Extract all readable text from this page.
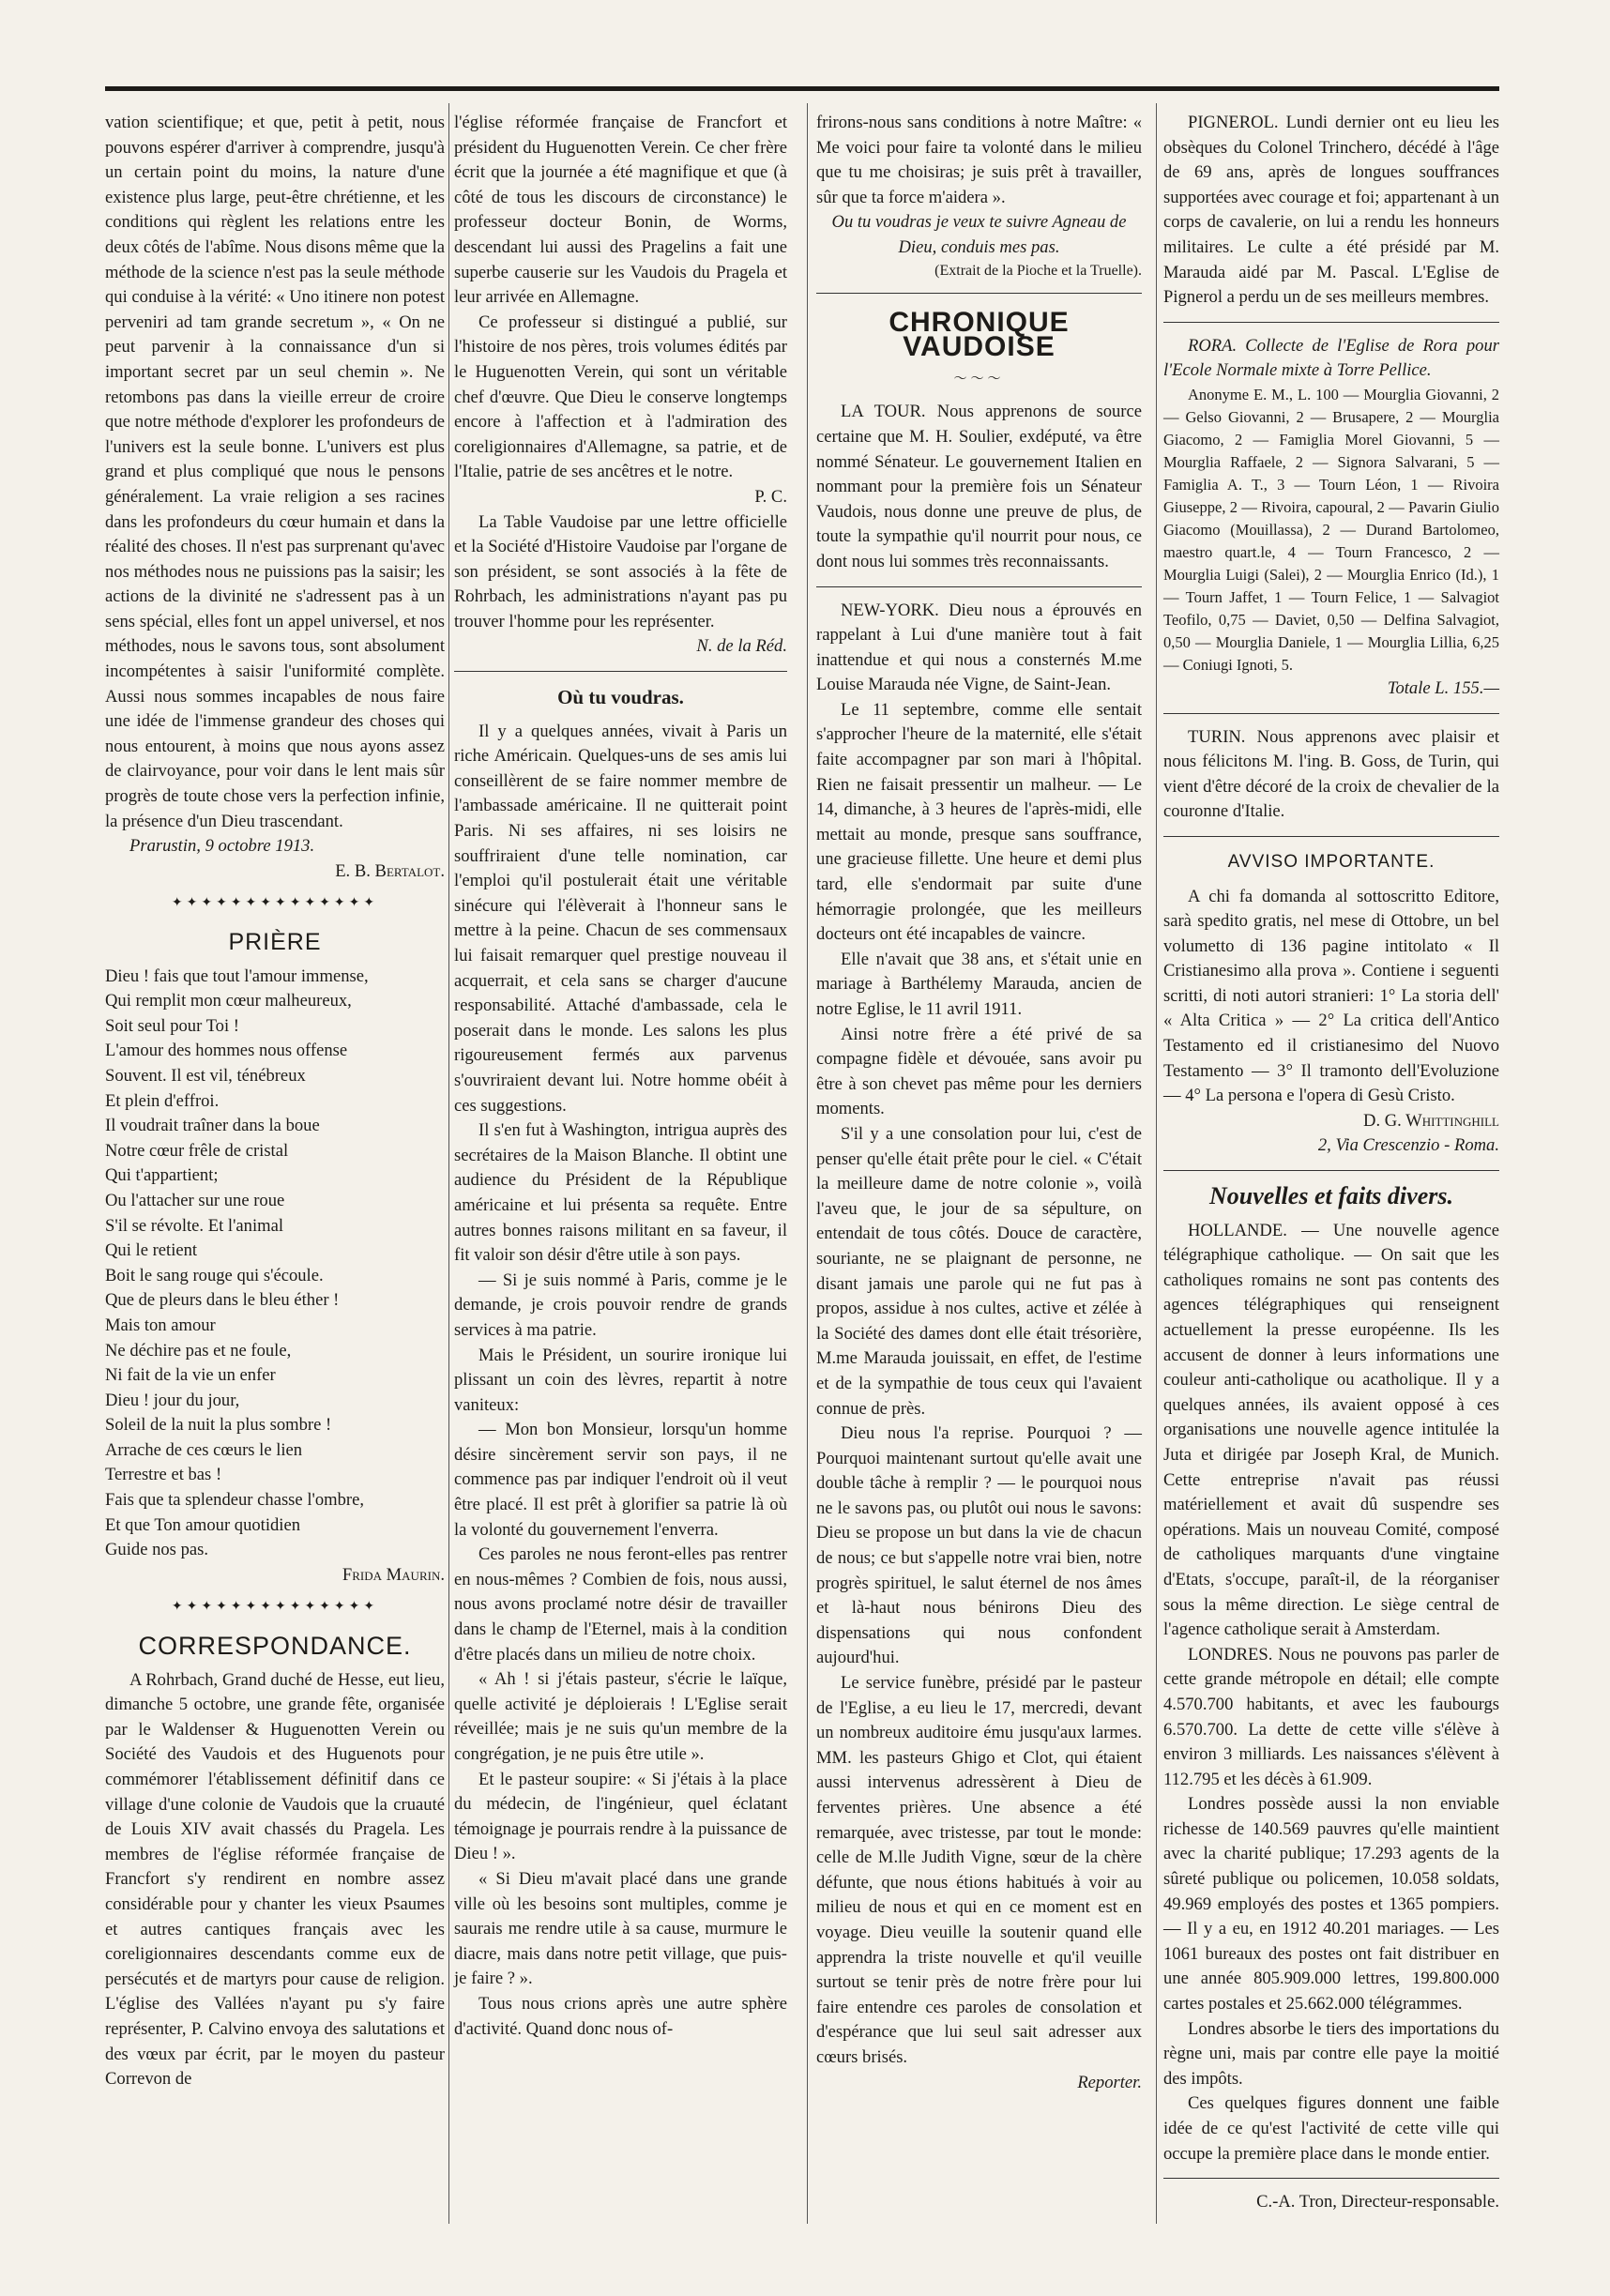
vation scientifique; et que, petit à petit, nous pouvons espérer d'arriver à comprendre, jusqu'à un certain point du moins, la nature d'une existence plus large, peut-être chrétienne, et les conditions qui règlent les relations entre les deux côtés de l'abîme. Nous disons même que la méthode de la science n'est pas la seule méthode qui conduise à la vérité: « Uno itinere non potest perveniri ad tam grande secretum », « On ne peut parvenir à la connaissance d'un si important secret par un seul chemin ». Ne retombons pas dans la vieille erreur de croire que notre méthode d'explorer les profondeurs de l'univers est la seule bonne. L'univers est plus grand et plus compliqué que nous le pensons généralement. La vraie religion a ses racines dans les profondeurs du cœur humain et dans la réalité des choses. Il n'est pas surprenant qu'avec nos méthodes nous ne puissions pas la saisir; les actions de la divinité ne s'adressent pas à un sens spécial, elles font un appel universel, et nos méthodes, nous le savons tous, sont absolument incompétentes à saisir l'uniformité complète. Aussi nous sommes incapables de nous faire une idée de l'immense grandeur des choses qui nous entourent, à moins que nous ayons assez de clairvoyance, pour voir dans le lent mais sûr progrès de toute chose vers la perfection infinie, la présence d'un Dieu trascendant.

Prarustin, 9 octobre 1913.

E. B. Bertalot.

✦✦✦✦✦✦✦✦✦✦✦✦✦✦
PRIÈRE

Dieu ! fais que tout l'amour immense,

Qui remplit mon cœur malheureux,

Soit seul pour Toi !

L'amour des hommes nous offense

Souvent. Il est vil, ténébreux

Et plein d'effroi.

Il voudrait traîner dans la boue

Notre cœur frêle de cristal

Qui t'appartient;

Ou l'attacher sur une roue

S'il se révolte. Et l'animal

Qui le retient

Boit le sang rouge qui s'écoule.

Que de pleurs dans le bleu éther !

Mais ton amour

Ne déchire pas et ne foule,

Ni fait de la vie un enfer

Dieu ! jour du jour,

Soleil de la nuit la plus sombre !

Arrache de ces cœurs le lien

Terrestre et bas !

Fais que ta splendeur chasse l'ombre,

Et que Ton amour quotidien

Guide nos pas.

Frida Maurin.

✦✦✦✦✦✦✦✦✦✦✦✦✦✦
CORRESPONDANCE.

A Rohrbach, Grand duché de Hesse, eut lieu, dimanche 5 octobre, une grande fête, organisée par le Waldenser & Huguenotten Verein ou Société des Vaudois et des Huguenots pour commémorer l'établissement définitif dans ce village d'une colonie de Vaudois que la cruauté de Louis XIV avait chassés du Pragela. Les membres de l'église réformée française de Francfort s'y rendirent en nombre assez considérable pour y chanter les vieux Psaumes et autres cantiques français avec les coreligionnaires descendants comme eux de persécutés et de martyrs pour cause de religion. L'église des Vallées n'ayant pu s'y faire représenter, P. Calvino envoya des salutations et des vœux par écrit, par le moyen du pasteur Correvon de

l'église réformée française de Francfort et président du Huguenotten Verein. Ce cher frère écrit que la journée a été magnifique et que (à côté de tous les discours de circonstance) le professeur docteur Bonin, de Worms, descendant lui aussi des Pragelins a fait une superbe causerie sur les Vaudois du Pragela et leur arrivée en Allemagne.

Ce professeur si distingué a publié, sur l'histoire de nos pères, trois volumes édités par le Huguenotten Verein, qui sont un véritable chef d'œuvre. Que Dieu le conserve longtemps encore à l'affection et à l'admiration des coreligionnaires d'Allemagne, sa patrie, et de l'Italie, patrie de ses ancêtres et le notre.

P. C.

La Table Vaudoise par une lettre officielle et la Société d'Histoire Vaudoise par l'organe de son président, se sont associés à la fête de Rohrbach, les administrations n'ayant pas pu trouver l'homme pour les représenter.

N. de la Réd.

Où tu voudras.

Il y a quelques années, vivait à Paris un riche Américain. Quelques-uns de ses amis lui conseillèrent de se faire nommer membre de l'ambassade américaine. Il ne quitterait point Paris. Ni ses affaires, ni ses loisirs ne souffriraient d'une telle nomination, car l'emploi qu'il postulerait était une véritable sinécure qui l'élèverait à l'honneur sans le mettre à la peine. Chacun de ses commensaux lui faisait remarquer quel prestige nouveau il acquerrait, et cela sans se charger d'aucune responsabilité. Attaché d'ambassade, cela le poserait dans le monde. Les salons les plus rigoureusement fermés aux parvenus s'ouvriraient devant lui. Notre homme obéit à ces suggestions.

Il s'en fut à Washington, intrigua auprès des secrétaires de la Maison Blanche. Il obtint une audience du Président de la République américaine et lui présenta sa requête. Entre autres bonnes raisons militant en sa faveur, il fit valoir son désir d'être utile à son pays.

— Si je suis nommé à Paris, comme je le demande, je crois pouvoir rendre de grands services à ma patrie.

Mais le Président, un sourire ironique lui plissant un coin des lèvres, repartit à notre vaniteux:

— Mon bon Monsieur, lorsqu'un homme désire sincèrement servir son pays, il ne commence pas par indiquer l'endroit où il veut être placé. Il est prêt à glorifier sa patrie là où la volonté du gouvernement l'enverra.

Ces paroles ne nous feront-elles pas rentrer en nous-mêmes ? Combien de fois, nous aussi, nous avons proclamé notre désir de travailler dans le champ de l'Eternel, mais à la condition d'être placés dans un milieu de notre choix.

« Ah ! si j'étais pasteur, s'écrie le laïque, quelle activité je déploierais ! L'Eglise serait réveillée; mais je ne suis qu'un membre de la congrégation, je ne puis être utile ».

Et le pasteur soupire: « Si j'étais à la place du médecin, de l'ingénieur, quel éclatant témoignage je pourrais rendre à la puissance de Dieu ! ».

« Si Dieu m'avait placé dans une grande ville où les besoins sont multiples, comme je saurais me rendre utile à sa cause, murmure le diacre, mais dans notre petit village, que puis-je faire ? ».

Tous nous crions après une autre sphère d'activité. Quand donc nous of-

frirons-nous sans conditions à notre Maître: « Me voici pour faire ta volonté dans le milieu que tu me choisiras; je suis prêt à travailler, sûr que ta force m'aidera ».

Ou tu voudras je veux te suivre Agneau de Dieu, conduis mes pas.

(Extrait de la Pioche et la Truelle).

CHRONIQUE VAUDOISE
～～～

LA TOUR. Nous apprenons de source certaine que M. H. Soulier, exdéputé, va être nommé Sénateur. Le gouvernement Italien en nommant pour la première fois un Sénateur Vaudois, nous donne une preuve de plus, de toute la sympathie qu'il nourrit pour nous, ce dont nous lui sommes très reconnaissants.

NEW-YORK. Dieu nous a éprouvés en rappelant à Lui d'une manière tout à fait inattendue et qui nous a consternés M.me Louise Marauda née Vigne, de Saint-Jean.

Le 11 septembre, comme elle sentait s'approcher l'heure de la maternité, elle s'était faite accompagner par son mari à l'hôpital. Rien ne faisait pressentir un malheur. — Le 14, dimanche, à 3 heures de l'après-midi, elle mettait au monde, presque sans souffrance, une gracieuse fillette. Une heure et demi plus tard, elle s'endormait par suite d'une hémorragie prolongée, que les meilleurs docteurs ont été incapables de vaincre.

Elle n'avait que 38 ans, et s'était unie en mariage à Barthélemy Marauda, ancien de notre Eglise, le 11 avril 1911.

Ainsi notre frère a été privé de sa compagne fidèle et dévouée, sans avoir pu être à son chevet pas même pour les derniers moments.

S'il y a une consolation pour lui, c'est de penser qu'elle était prête pour le ciel. « C'était la meilleure dame de notre colonie », voilà l'aveu que, le jour de sa sépulture, on entendait de tous côtés. Douce de caractère, souriante, ne se plaignant de personne, ne disant jamais une parole qui ne fut pas à propos, assidue à nos cultes, active et zélée à la Société des dames dont elle était trésorière, M.me Marauda jouissait, en effet, de l'estime et de la sympathie de tous ceux qui l'avaient connue de près.

Dieu nous l'a reprise. Pourquoi ? — Pourquoi maintenant surtout qu'elle avait une double tâche à remplir ? — le pourquoi nous ne le savons pas, ou plutôt oui nous le savons: Dieu se propose un but dans la vie de chacun de nous; ce but s'appelle notre vrai bien, notre progrès spirituel, le salut éternel de nos âmes et là-haut nous bénirons Dieu des dispensations qui nous confondent aujourd'hui.

Le service funèbre, présidé par le pasteur de l'Eglise, a eu lieu le 17, mercredi, devant un nombreux auditoire ému jusqu'aux larmes. MM. les pasteurs Ghigo et Clot, qui étaient aussi intervenus adressèrent à Dieu de ferventes prières. Une absence a été remarquée, avec tristesse, par tout le monde: celle de M.lle Judith Vigne, sœur de la chère défunte, que nous étions habitués à voir au milieu de nous et qui en ce moment est en voyage. Dieu veuille la soutenir quand elle apprendra la triste nouvelle et qu'il veuille surtout se tenir près de notre frère pour lui faire entendre ces paroles de consolation et d'espérance que lui seul sait adresser aux cœurs brisés.

Reporter.

PIGNEROL. Lundi dernier ont eu lieu les obsèques du Colonel Trinchero, décédé à l'âge de 69 ans, après de longues souffrances supportées avec courage et foi; appartenant à un corps de cavalerie, on lui a rendu les honneurs militaires. Le culte a été présidé par M. Marauda aidé par M. Pascal. L'Eglise de Pignerol a perdu un de ses meilleurs membres.

RORA. Collecte de l'Eglise de Rora pour l'Ecole Normale mixte à Torre Pellice.

Anonyme E. M., L. 100 — Mourglia Giovanni, 2 — Gelso Giovanni, 2 — Brusapere, 2 — Mourglia Giacomo, 2 — Famiglia Morel Giovanni, 5 — Mourglia Raffaele, 2 — Signora Salvarani, 5 — Famiglia A. T., 3 — Tourn Léon, 1 — Rivoira Giuseppe, 2 — Rivoira, capoural, 2 — Pavarin Giulio Giacomo (Mouillassa), 2 — Durand Bartolomeo, maestro quart.le, 4 — Tourn Francesco, 2 — Mourglia Luigi (Salei), 2 — Mourglia Enrico (Id.), 1 — Tourn Jaffet, 1 — Tourn Felice, 1 — Salvagiot Teofilo, 0,75 — Daviet, 0,50 — Delfina Salvagiot, 0,50 — Mourglia Daniele, 1 — Mourglia Lillia, 6,25 — Coniugi Ignoti, 5.

Totale L. 155.—

TURIN. Nous apprenons avec plaisir et nous félicitons M. l'ing. B. Goss, de Turin, qui vient d'être décoré de la croix de chevalier de la couronne d'Italie.

AVVISO IMPORTANTE.

A chi fa domanda al sottoscritto Editore, sarà spedito gratis, nel mese di Ottobre, un bel volumetto di 136 pagine intitolato « Il Cristianesimo alla prova ». Contiene i seguenti scritti, di noti autori stranieri: 1° La storia dell' « Alta Critica » — 2° La critica dell'Antico Testamento ed il cristianesimo del Nuovo Testamento — 3° Il tramonto dell'Evoluzione — 4° La persona e l'opera di Gesù Cristo.

D. G. Whittinghill

2, Via Crescenzio - Roma.

Nouvelles et faits divers.

HOLLANDE. — Une nouvelle agence télégraphique catholique. — On sait que les catholiques romains ne sont pas contents des agences télégraphiques qui renseignent actuellement la presse européenne. Ils les accusent de donner à leurs informations une couleur anti-catholique ou acatholique. Il y a quelques années, ils avaient opposé à ces organisations une nouvelle agence intitulée la Juta et dirigée par Joseph Kral, de Munich. Cette entreprise n'avait pas réussi matériellement et avait dû suspendre ses opérations. Mais un nouveau Comité, composé de catholiques marquants d'une vingtaine d'Etats, s'occupe, paraît-il, de la réorganiser sous la même direction. Le siège central de l'agence catholique serait à Amsterdam.

LONDRES. Nous ne pouvons pas parler de cette grande métropole en détail; elle compte 4.570.700 habitants, et avec les faubourgs 6.570.700. La dette de cette ville s'élève à environ 3 milliards. Les naissances s'élèvent à 112.795 et les décès à 61.909.

Londres possède aussi la non enviable richesse de 140.569 pauvres qu'elle maintient avec la charité publique; 17.293 agents de la sûreté publique ou policemen, 10.058 soldats, 49.969 employés des postes et 1365 pompiers. — Il y a eu, en 1912 40.201 mariages. — Les 1061 bureaux des postes ont fait distribuer en une année 805.909.000 lettres, 199.800.000 cartes postales et 25.662.000 télégrammes.

Londres absorbe le tiers des importations du règne uni, mais par contre elle paye la moitié des impôts.

Ces quelques figures donnent une faible idée de ce qu'est l'activité de cette ville qui occupe la première place dans le monde entier.

C.-A. Tron, Directeur-responsable.
